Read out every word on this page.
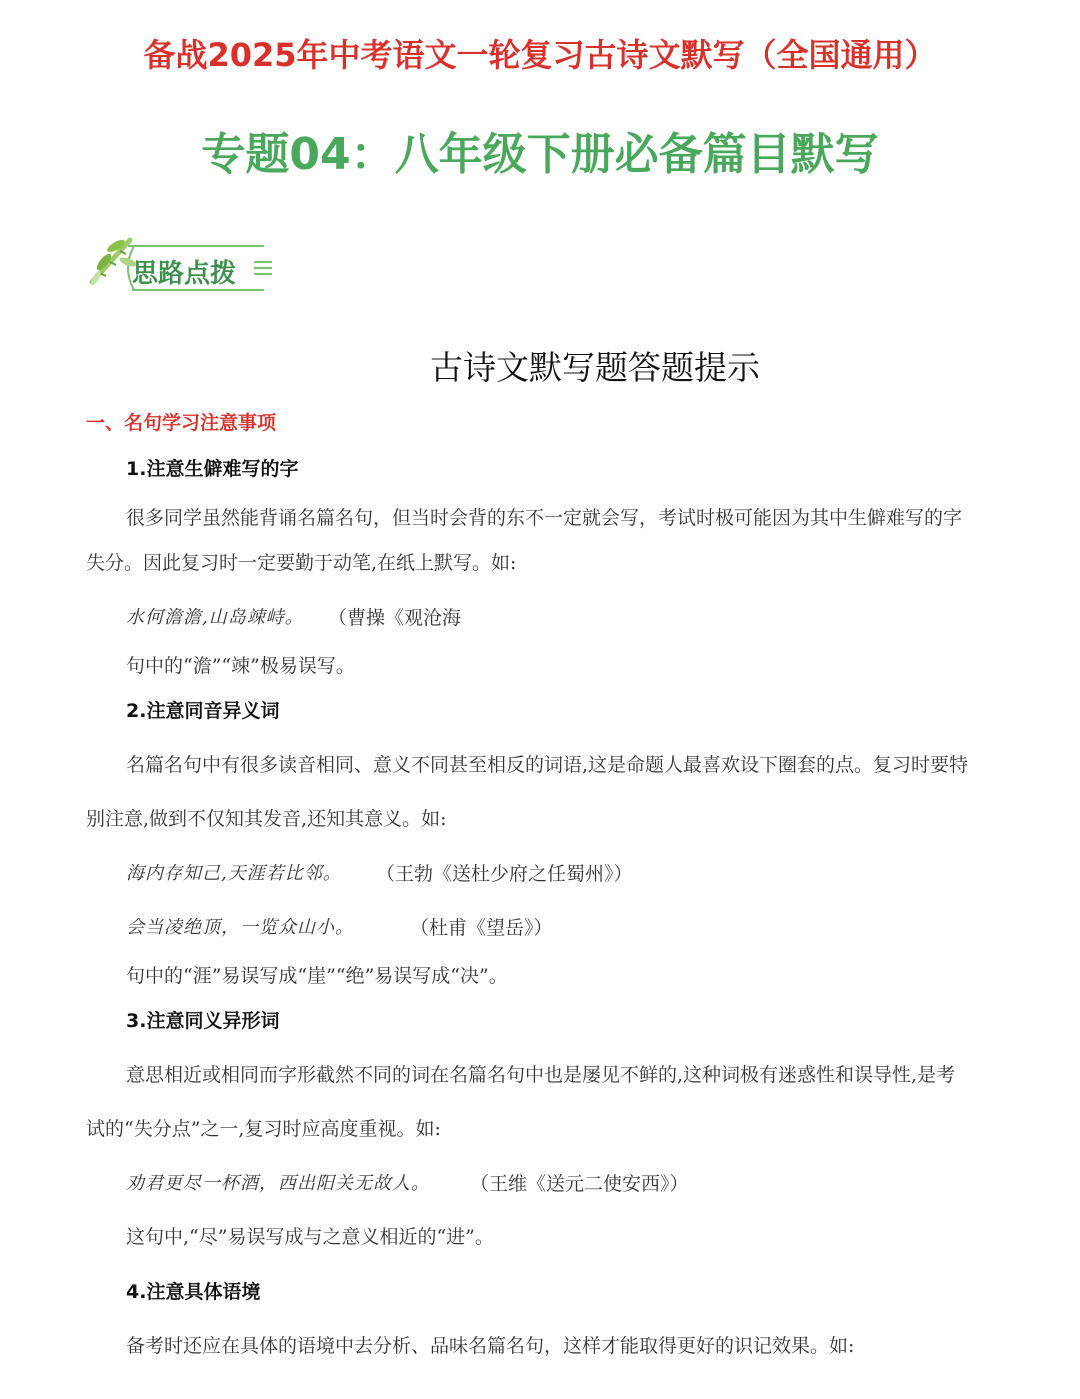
备战2025年中考语文一轮复习古诗文默写（全国通用）
专题04：八年级下册必备篇目默写
思路点拨
古诗文默写题答题提示
一、名句学习注意事项
1.注意生僻难写的字
很多同学虽然能背诵名篇名句，但当时会背的东不一定就会写，考试时极可能因为其中生僻难写的字
失分。因此复习时一定要勤于动笔,在纸上默写。如:
水何澹澹,山岛竦峙。 （曹操《观沧海
句中的“澹”“竦”极易误写。
2.注意同音异义词
名篇名句中有很多读音相同、意义不同甚至相反的词语,这是命题人最喜欢设下圈套的点。复习时要特
别注意,做到不仅知其发音,还知其意义。如:
海内存知己,天涯若比邻。 （王勃《送杜少府之任蜀州》）
会当凌绝顶，一览众山小。	（杜甫《望岳》）
句中的“涯”易误写成“崖”“绝”易误写成“决”。
3.注意同义异形词
意思相近或相同而字形截然不同的词在名篇名句中也是屡见不鲜的,这种词极有迷惑性和误导性,是考
试的“失分点”之一,复习时应高度重视。如:
劝君更尽一杯酒，西出阳关无故人。 （王维《送元二使安西》）
这句中,“尽”易误写成与之意义相近的“进”。
4.注意具体语境
备考时还应在具体的语境中去分析、品味名篇名句，这样才能取得更好的识记效果。如:
